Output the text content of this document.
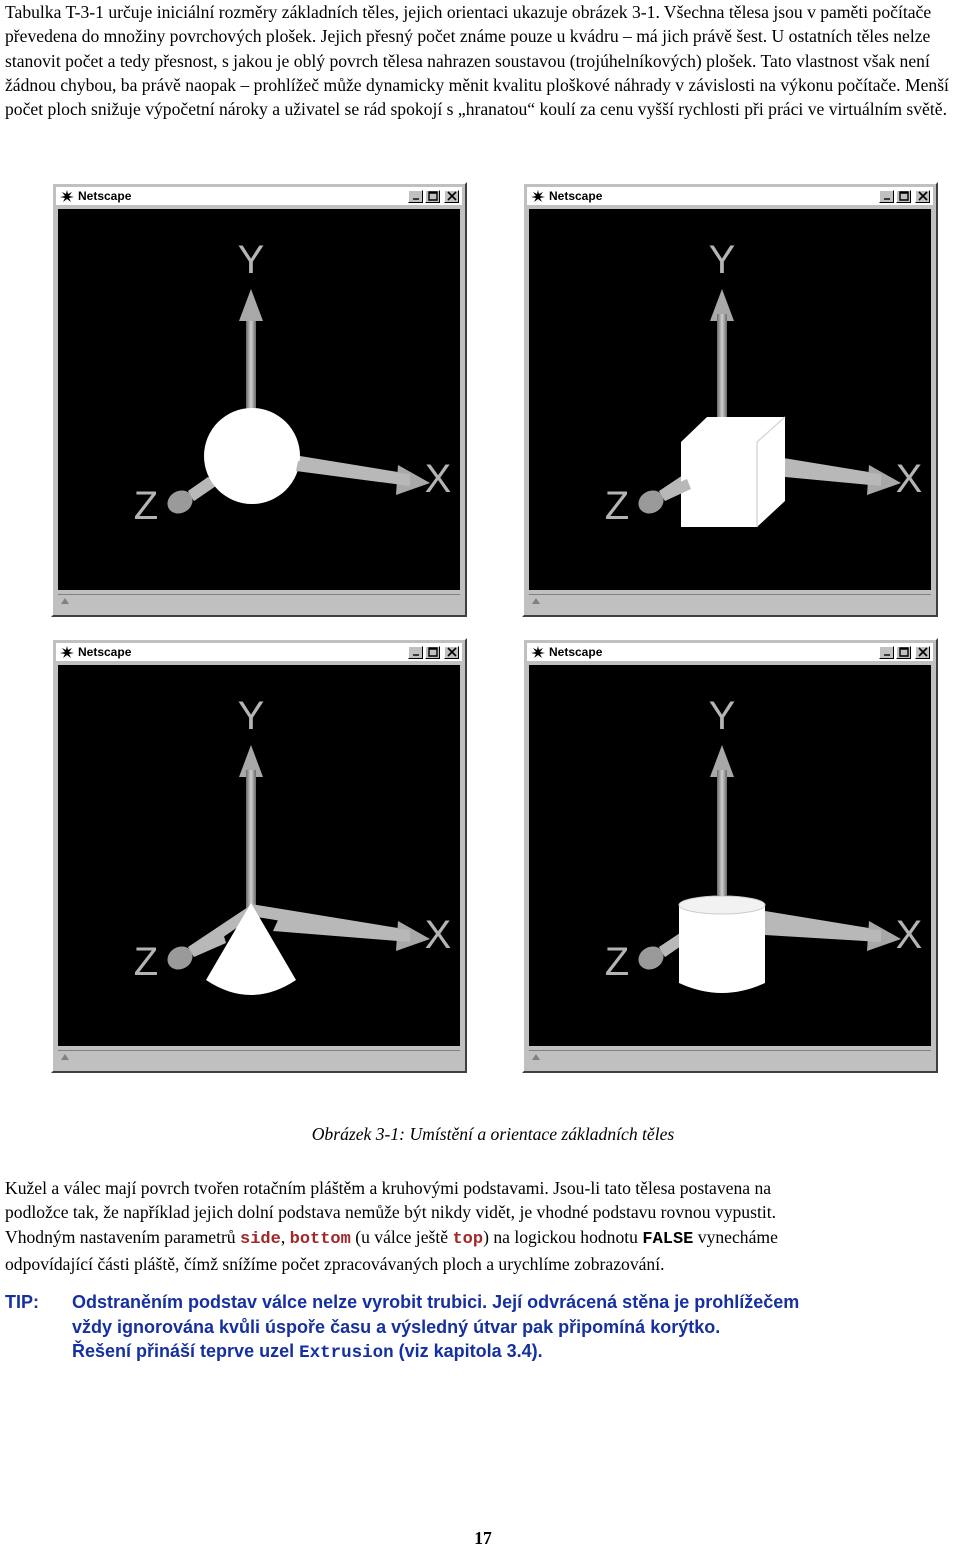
Tabulka T-3-1 určuje iniciální rozměry základních těles, jejich orientaci ukazuje obrázek 3-1. Všechna tělesa jsou v paměti počítače převedena do množiny povrchových plošek. Jejich přesný počet známe pouze u kvádru – má jich právě šest. U ostatních těles nelze stanovit počet a tedy přesnost, s jakou je oblý povrch tělesa nahrazen soustavou (trojúhelníkových) plošek. Tato vlastnost však není žádnou chybou, ba právě naopak – prohlížeč může dynamicky měnit kvalitu ploškové náhrady v závislosti na výkonu počítače. Menší počet ploch snižuje výpočetní nároky a uživatel se rád spokojí s „hranatou“ koulí za cenu vyšší rychlosti při práci ve virtuálním světě.
Netscape
Y
X
Z
Netscape
Y
X
Z
Netscape
Y
X
Z
Netscape
Y
X
Z
Obrázek 3-1: Umístění a orientace základních těles
Kužel a válec mají povrch tvořen rotačním pláštěm a kruhovými podstavami. Jsou-li tato tělesa postavena na
podložce tak, že například jejich dolní podstava nemůže být nikdy vidět, je vhodné podstavu rovnou vypustit.
Vhodným nastavením parametrů side, bottom (u válce ještě top) na logickou hodnotu FALSE vynecháme
odpovídající části pláště, čímž snížíme počet zpracovávaných ploch a urychlíme zobrazování.
TIP: Odstraněním podstav válce nelze vyrobit trubici. Její odvrácená stěna je prohlížečem
vždy ignorována kvůli úspoře času a výsledný útvar pak připomíná korýtko.
Řešení přináší teprve uzel Extrusion (viz kapitola 3.4).
17
